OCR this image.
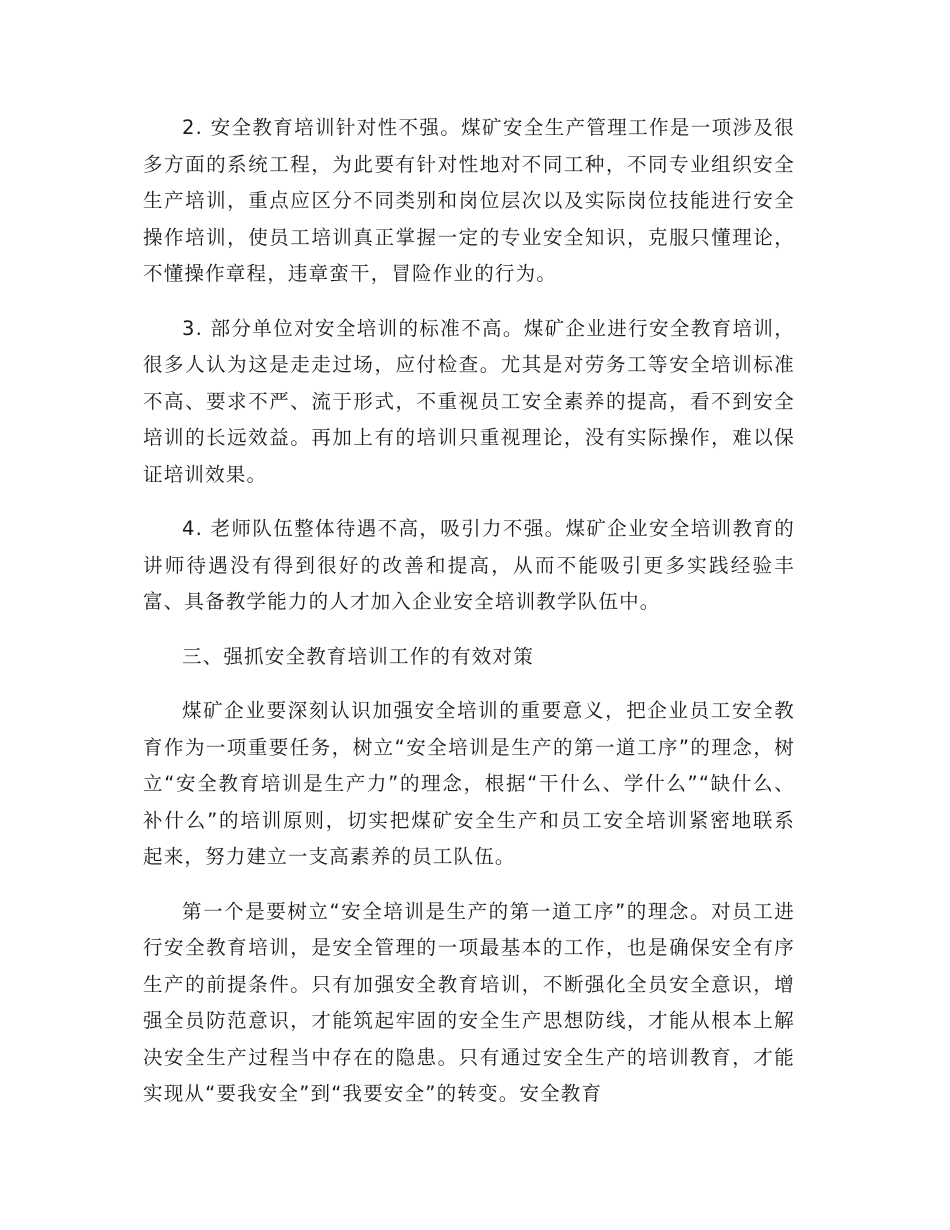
2. 安全教育培训针对性不强。煤矿安全生产管理工作是一项涉及很多方面的系统工程，为此要有针对性地对不同工种，不同专业组织安全生产培训，重点应区分不同类别和岗位层次以及实际岗位技能进行安全操作培训，使员工培训真正掌握一定的专业安全知识，克服只懂理论，不懂操作章程，违章蛮干，冒险作业的行为。

3. 部分单位对安全培训的标准不高。煤矿企业进行安全教育培训，很多人认为这是走走过场，应付检查。尤其是对劳务工等安全培训标准不高、要求不严、流于形式，不重视员工安全素养的提高，看不到安全培训的长远效益。再加上有的培训只重视理论，没有实际操作，难以保证培训效果。

4. 老师队伍整体待遇不高，吸引力不强。煤矿企业安全培训教育的讲师待遇没有得到很好的改善和提高，从而不能吸引更多实践经验丰富、具备教学能力的人才加入企业安全培训教学队伍中。

三、强抓安全教育培训工作的有效对策

煤矿企业要深刻认识加强安全培训的重要意义，把企业员工安全教育作为一项重要任务，树立“安全培训是生产的第一道工序”的理念，树立“安全教育培训是生产力”的理念，根据“干什么、学什么”“缺什么、补什么”的培训原则，切实把煤矿安全生产和员工安全培训紧密地联系起来，努力建立一支高素养的员工队伍。

第一个是要树立“安全培训是生产的第一道工序”的理念。对员工进行安全教育培训，是安全管理的一项最基本的工作，也是确保安全有序生产的前提条件。只有加强安全教育培训，不断强化全员安全意识，增强全员防范意识，才能筑起牢固的安全生产思想防线，才能从根本上解决安全生产过程当中存在的隐患。只有通过安全生产的培训教育，才能实现从“要我安全”到“我要安全”的转变。安全教育
